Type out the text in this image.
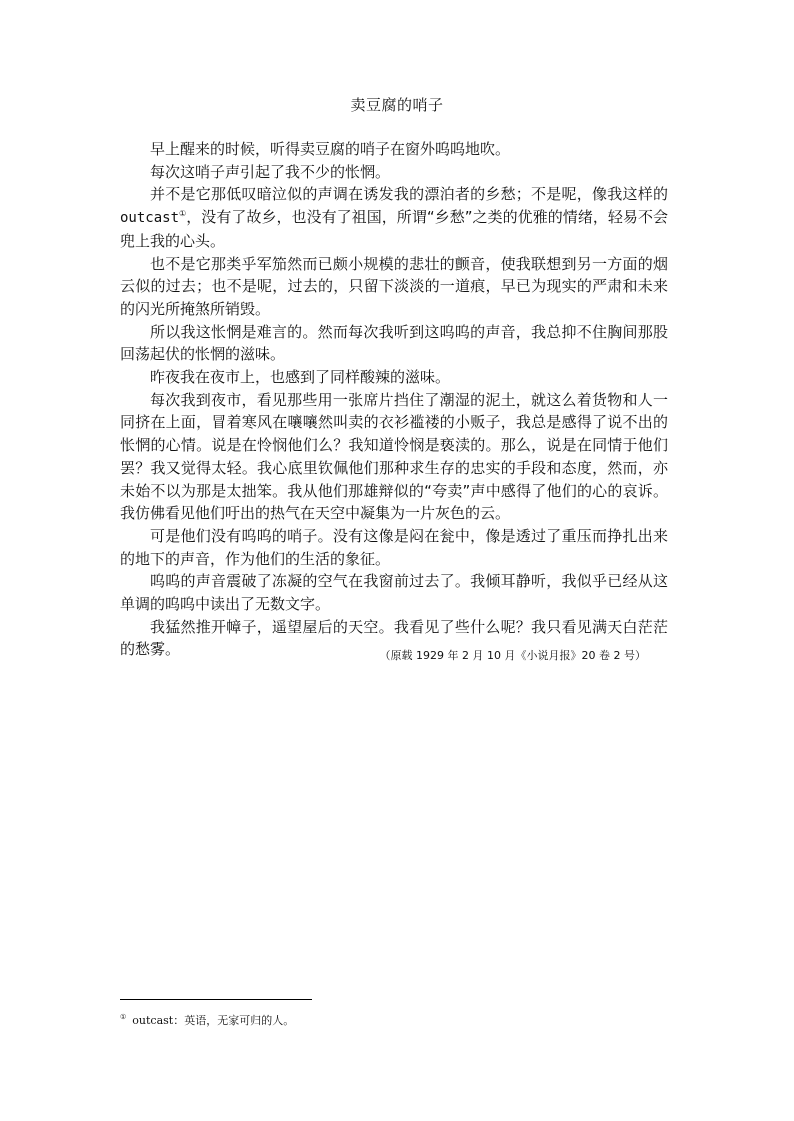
卖豆腐的哨子

早上醒来的时候，听得卖豆腐的哨子在窗外呜呜地吹。

每次这哨子声引起了我不少的怅惘。

并不是它那低叹暗泣似的声调在诱发我的漂泊者的乡愁；不是呢，像我这样的outcast①，没有了故乡，也没有了祖国，所谓“乡愁”之类的优雅的情绪，轻易不会兜上我的心头。

也不是它那类乎军笳然而已颇小规模的悲壮的颤音，使我联想到另一方面的烟云似的过去；也不是呢，过去的，只留下淡淡的一道痕，早已为现实的严肃和未来的闪光所掩煞所销毁。

所以我这怅惘是难言的。然而每次我听到这呜呜的声音，我总抑不住胸间那股回荡起伏的怅惘的滋味。

昨夜我在夜市上，也感到了同样酸辣的滋味。

每次我到夜市，看见那些用一张席片挡住了潮湿的泥土，就这么着货物和人一同挤在上面，冒着寒风在嚷嚷然叫卖的衣衫褴褛的小贩子，我总是感得了说不出的怅惘的心情。说是在怜悯他们么？我知道怜悯是亵渎的。那么，说是在同情于他们罢？我又觉得太轻。我心底里钦佩他们那种求生存的忠实的手段和态度，然而，亦未始不以为那是太拙笨。我从他们那雄辩似的“夸卖”声中感得了他们的心的哀诉。我仿佛看见他们吁出的热气在天空中凝集为一片灰色的云。

可是他们没有呜呜的哨子。没有这像是闷在瓮中，像是透过了重压而挣扎出来的地下的声音，作为他们的生活的象征。

呜呜的声音震破了冻凝的空气在我窗前过去了。我倾耳静听，我似乎已经从这单调的呜呜中读出了无数文字。

我猛然推开幛子，遥望屋后的天空。我看见了些什么呢？我只看见满天白茫茫的愁雾。	（原载 1929 年 2 月 10 月《小说月报》20 卷 2 号）
① outcast：英语，无家可归的人。
